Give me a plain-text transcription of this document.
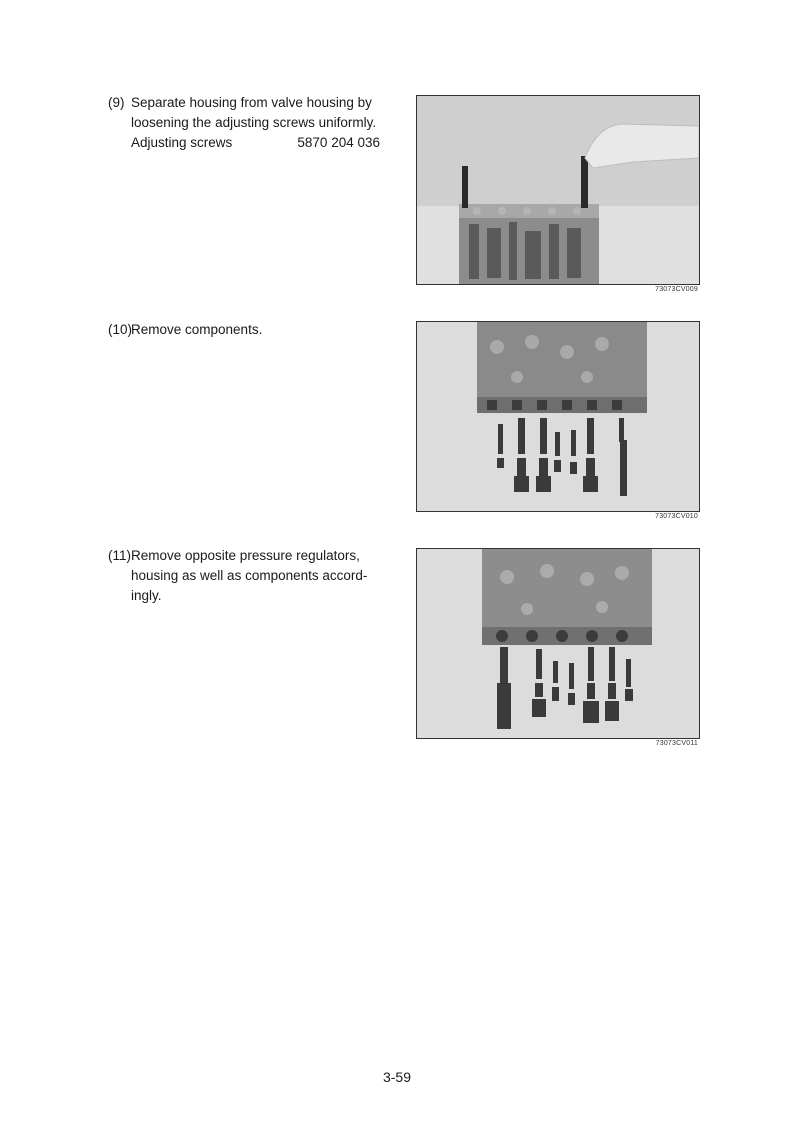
(9) Separate housing from valve housing by

loosening the adjusting screws uniformly.

Adjusting screws	5870 204 036
73073CV009
(10)

Remove components.

73073CV010
(11) Remove opposite pressure regulators,

housing as well as components accord-

ingly.

73073CV011
3-59
